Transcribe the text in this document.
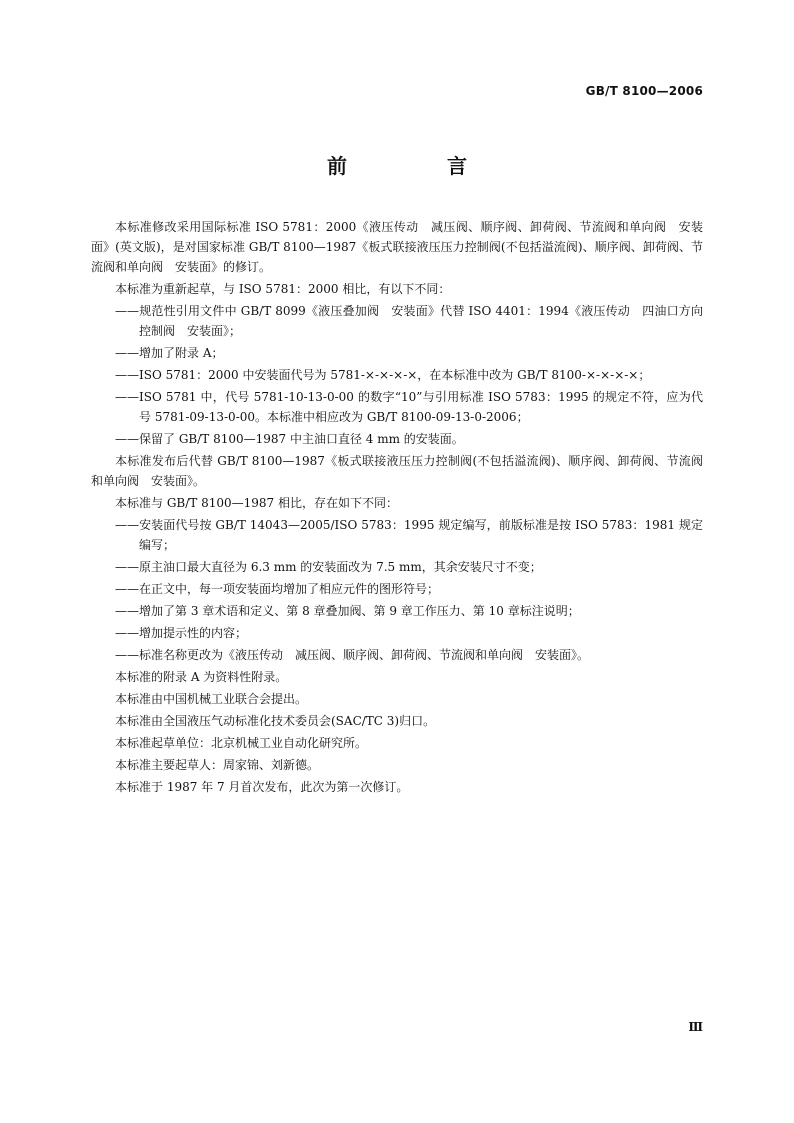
GB/T 8100—2006
前　言

本标准修改采用国际标准 ISO 5781：2000《液压传动　减压阀、顺序阀、卸荷阀、节流阀和单向阀　安装面》(英文版)，是对国家标准 GB/T 8100—1987《板式联接液压压力控制阀(不包括溢流阀)、顺序阀、卸荷阀、节流阀和单向阀　安装面》的修订。

本标准为重新起草，与 ISO 5781：2000 相比，有以下不同：

——规范性引用文件中 GB/T 8099《液压叠加阀　安装面》代替 ISO 4401：1994《液压传动　四油口方向控制阀　安装面》；

——增加了附录 A；

——ISO 5781：2000 中安装面代号为 5781-×-×-×-×，在本标准中改为 GB/T 8100-×-×-×-×；

——ISO 5781 中，代号 5781-10-13-0-00 的数字“10”与引用标准 ISO 5783：1995 的规定不符，应为代号 5781-09-13-0-00。本标准中相应改为 GB/T 8100-09-13-0-2006；

——保留了 GB/T 8100—1987 中主油口直径 4 mm 的安装面。

本标准发布后代替 GB/T 8100—1987《板式联接液压压力控制阀(不包括溢流阀)、顺序阀、卸荷阀、节流阀和单向阀　安装面》。

本标准与 GB/T 8100—1987 相比，存在如下不同：

——安装面代号按 GB/T 14043—2005/ISO 5783：1995 规定编写，前版标准是按 ISO 5783：1981 规定编写；

——原主油口最大直径为 6.3 mm 的安装面改为 7.5 mm，其余安装尺寸不变；

——在正文中，每一项安装面均增加了相应元件的图形符号；

——增加了第 3 章术语和定义、第 8 章叠加阀、第 9 章工作压力、第 10 章标注说明；

——增加提示性的内容；

——标准名称更改为《液压传动　减压阀、顺序阀、卸荷阀、节流阀和单向阀　安装面》。

本标准的附录 A 为资料性附录。

本标准由中国机械工业联合会提出。

本标准由全国液压气动标准化技术委员会(SAC/TC 3)归口。

本标准起草单位：北京机械工业自动化研究所。

本标准主要起草人：周家锦、刘新德。

本标准于 1987 年 7 月首次发布，此次为第一次修订。

Ⅲ
